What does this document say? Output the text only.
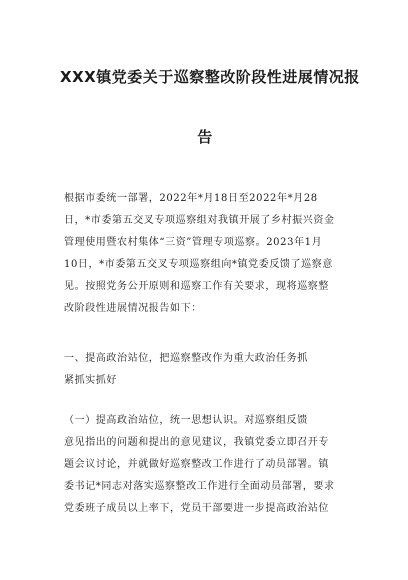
XXX镇党委关于巡察整改阶段性进展情况报
告
根据市委统一部署，2022年*月18日至2022年*月28
日，*市委第五交叉专项巡察组对我镇开展了乡村振兴资金
管理使用暨农村集体“三资”管理专项巡察。2023年1月
10日，*市委第五交叉专项巡察组向*镇党委反馈了巡察意
见。按照党务公开原则和巡察工作有关要求，现将巡察整
改阶段性进展情况报告如下：
一、提高政治站位，把巡察整改作为重大政治任务抓
紧抓实抓好
（一）提高政治站位，统一思想认识。对巡察组反馈
意见指出的问题和提出的意见建议，我镇党委立即召开专
题会议讨论，并就做好巡察整改工作进行了动员部署。镇
委书记*同志对落实巡察整改工作进行全面动员部署，要求
党委班子成员以上率下，党员干部要进一步提高政治站位
